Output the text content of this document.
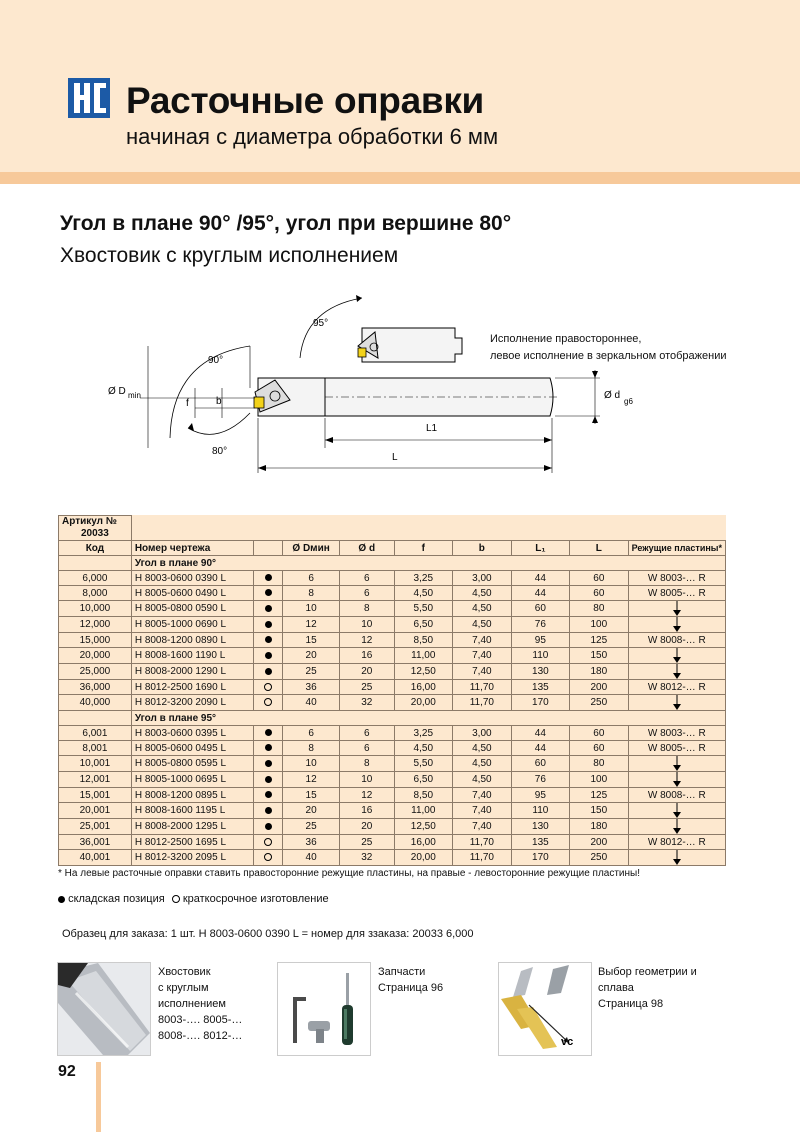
Расточные оправки
начиная с диаметра обработки 6 мм
Угол в плане 90° /95°, угол при вершине 80°
Хвостовик с круглым исполнением
95°
Ø D min
f	b
90°
80°
L1
L
Ø d
g6
Исполнение правостороннее,
левое исполнение в зеркальном отображении
Артикул №
20033									

Код	Номер чертежа		Ø Dмин	Ø d	f	b	L₁	L	Режущие пластины*
	Угол в плане 90°								
6,000	H 8003-0600 0390 L		6	6	3,25	3,00	44	60	W 8003-… R
8,000	H 8005-0600 0490 L		8	6	4,50	4,50	44	60	W 8005-… R
10,000	H 8005-0800 0590 L		10	8	5,50	4,50	60	80	
12,000	H 8005-1000 0690 L		12	10	6,50	4,50	76	100	
15,000	H 8008-1200 0890 L		15	12	8,50	7,40	95	125	W 8008-… R
20,000	H 8008-1600 1190 L		20	16	11,00	7,40	110	150	
25,000	H 8008-2000 1290 L		25	20	12,50	7,40	130	180	
36,000	H 8012-2500 1690 L		36	25	16,00	11,70	135	200	W 8012-… R
40,000	H 8012-3200 2090 L		40	32	20,00	11,70	170	250	
	Угол в плане 95°								
6,001	H 8003-0600 0395 L		6	6	3,25	3,00	44	60	W 8003-… R
8,001	H 8005-0600 0495 L		8	6	4,50	4,50	44	60	W 8005-… R
10,001	H 8005-0800 0595 L		10	8	5,50	4,50	60	80	
12,001	H 8005-1000 0695 L		12	10	6,50	4,50	76	100	
15,001	H 8008-1200 0895 L		15	12	8,50	7,40	95	125	W 8008-… R
20,001	H 8008-1600 1195 L		20	16	11,00	7,40	110	150	
25,001	H 8008-2000 1295 L		25	20	12,50	7,40	130	180	
36,001	H 8012-2500 1695 L		36	25	16,00	11,70	135	200	W 8012-… R
40,001	H 8012-3200 2095 L		40	32	20,00	11,70	170	250	
* На левые расточные оправки ставить правосторонние режущие пластины, на правые - левосторонние режущие пластины!
складская позиция краткосрочное изготовление
Образец для заказа: 1 шт. H 8003-0600 0390 L = номер для ззаказа: 20033 6,000
Хвостовик
с круглым
исполнением
8003-…. 8005-…
8008-…. 8012-…
Запчасти
Страница 96
vc
Выбор геометрии и
сплава
Страница 98
92
